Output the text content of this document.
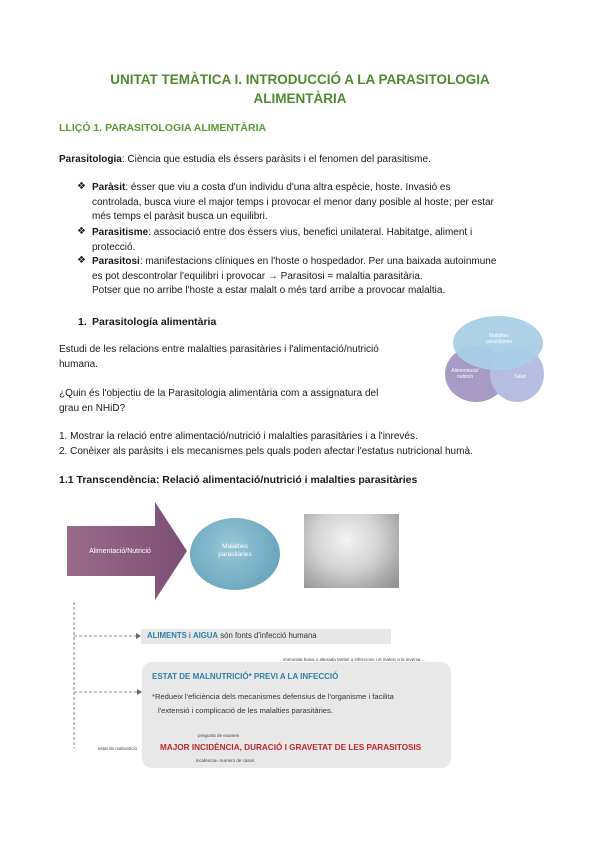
UNITAT TEMÀTICA I. INTRODUCCIÓ A LA PARASITOLOGIA
ALIMENTÀRIA
LLIÇÓ 1. PARASITOLOGIA ALIMENTÀRIA
Parasitologia: Ciència que estudia els éssers paràsits i el fenomen del parasitisme.
❖ Paràsit: ésser que viu a costa d'un individu d'una altra espècie, hoste. Invasió es
controlada, busca viure el major temps i provocar el menor dany posible al hoste; per estar
més temps el paràsit busca un equilibri.
❖ Parasitisme: associació entre dos éssers vius, benefici unilateral. Habitatge, aliment i
protecció.
❖ Parasitosi: manifestacions clíniques en l'hoste o hospedador. Per una baixada autoinmune
es pot descontrolar l'equilibri i provocar → Parasitosi = malaltia parasitària.
Potser que no arribe l'hoste a estar malalt o més tard arribe a provocar malaltia.
1. Parasitología alimentària
Estudi de les relacions entre malalties parasitàries i l'alimentació/nutrició
humana.
¿Quin és l'objectiu de la Parasitologia alimentària com a assignatura del
grau en NHiD?
1. Mostrar la relació entre alimentació/nutrició i malalties parasitàries i a l'inrevés.
2. Conèixer als paràsits i els mecanismes pels quals poden afectar l'estatus nutricional humà.
Malalties
parasitàries
Alimentació/
nutrició	Salut
1.1 Transcendència: Relació alimentació/nutrició i malalties parasitàries
Alimentació/Nutrició
Malalties
parasitàries
ALIMENTS i AIGUA són fonts d'infecció humana
immunitat baixa o alterada també a infeccions i el mateix a la inversa …
ESTAT DE MALNUTRICIÓ* PREVI A LA INFECCIÓ
*Redueix l'eficiència dels mecanismes defensius de l'organisme i facilita
l'extensió i complicació de les malalties parasitàries.
pregunta de examen
estat de malnutrició	MAJOR INCIDÈNCIA, DURACIÓ I GRAVETAT DE LES PARASITOSIS
incidència= numero de casos
